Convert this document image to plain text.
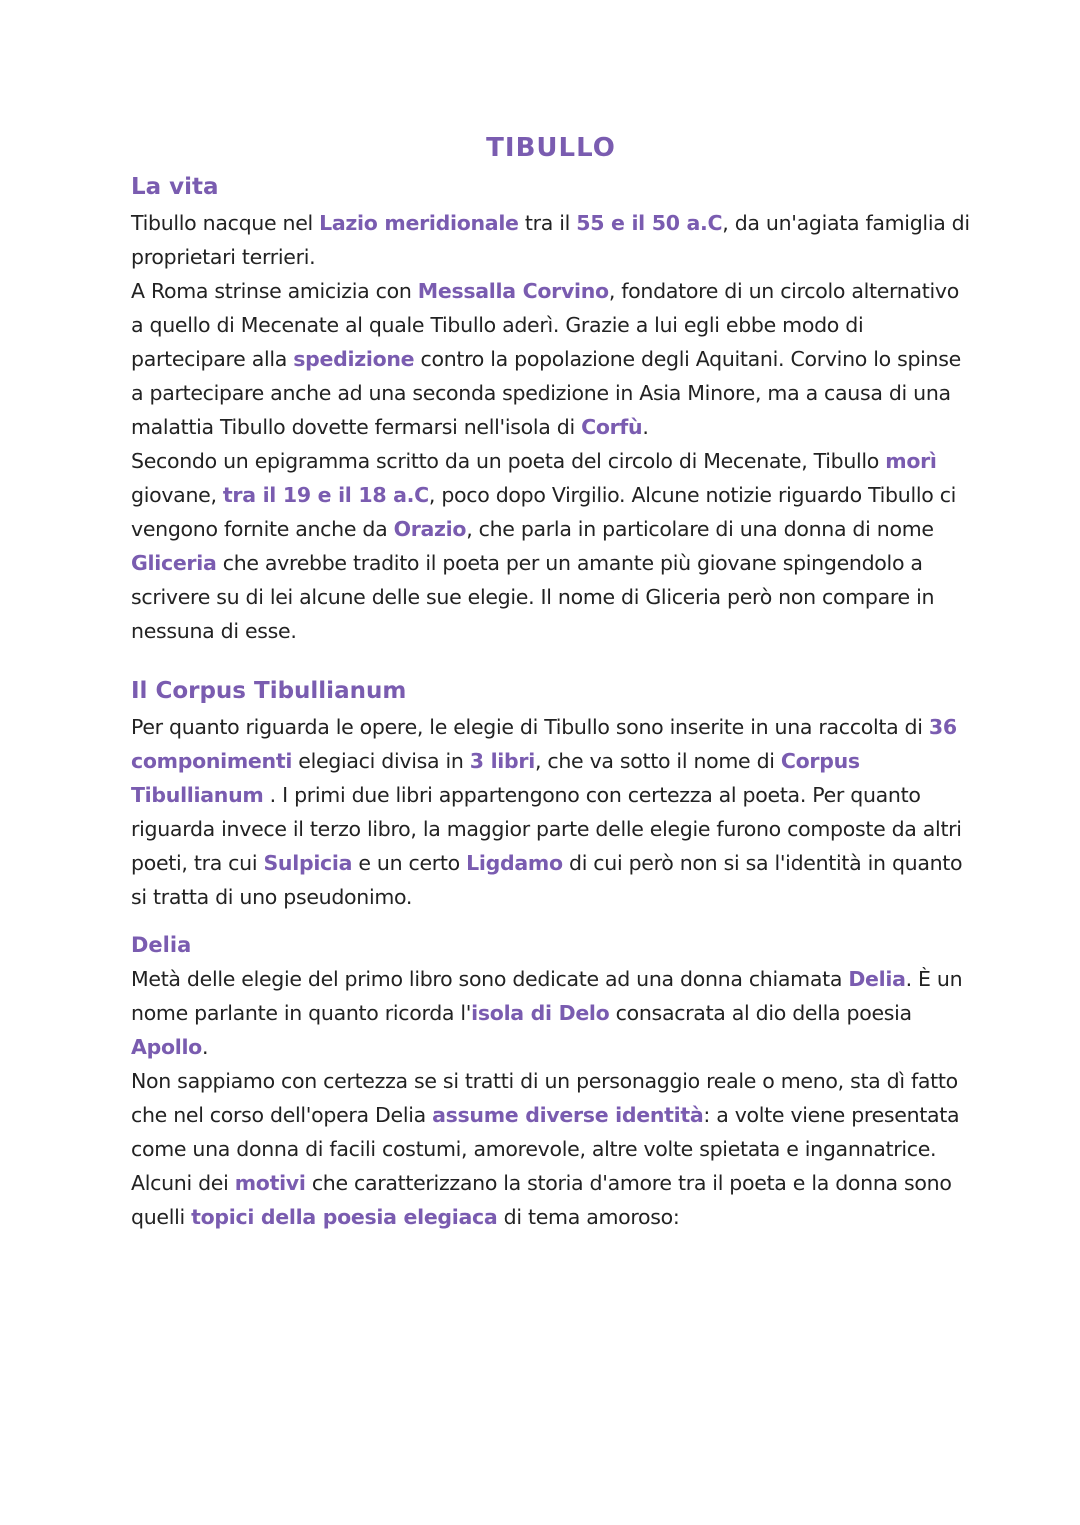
TIBULLO
La vita

Tibullo nacque nel Lazio meridionale tra il 55 e il 50 a.C, da un'agiata famiglia di proprietari terrieri.

A Roma strinse amicizia con Messalla Corvino, fondatore di un circolo alternativo a quello di Mecenate al quale Tibullo aderì. Grazie a lui egli ebbe modo di partecipare alla spedizione contro la popolazione degli Aquitani. Corvino lo spinse a partecipare anche ad una seconda spedizione in Asia Minore, ma a causa di una malattia Tibullo dovette fermarsi nell'isola di Corfù.

Secondo un epigramma scritto da un poeta del circolo di Mecenate, Tibullo morì giovane, tra il 19 e il 18 a.C, poco dopo Virgilio. Alcune notizie riguardo Tibullo ci vengono fornite anche da Orazio, che parla in particolare di una donna di nome Gliceria che avrebbe tradito il poeta per un amante più giovane spingendolo a scrivere su di lei alcune delle sue elegie. Il nome di Gliceria però non compare in nessuna di esse.

Il Corpus Tibullianum

Per quanto riguarda le opere, le elegie di Tibullo sono inserite in una raccolta di 36 componimenti elegiaci divisa in 3 libri, che va sotto il nome di Corpus Tibullianum . I primi due libri appartengono con certezza al poeta. Per quanto riguarda invece il terzo libro, la maggior parte delle elegie furono composte da altri poeti, tra cui Sulpicia e un certo Ligdamo di cui però non si sa l'identità in quanto si tratta di uno pseudonimo.

Delia

Metà delle elegie del primo libro sono dedicate ad una donna chiamata Delia. È un nome parlante in quanto ricorda l'isola di Delo consacrata al dio della poesia Apollo.

Non sappiamo con certezza se si tratti di un personaggio reale o meno, sta dì fatto che nel corso dell'opera Delia assume diverse identità: a volte viene presentata come una donna di facili costumi, amorevole, altre volte spietata e ingannatrice.

Alcuni dei motivi che caratterizzano la storia d'amore tra il poeta e la donna sono quelli topici della poesia elegiaca di tema amoroso:
